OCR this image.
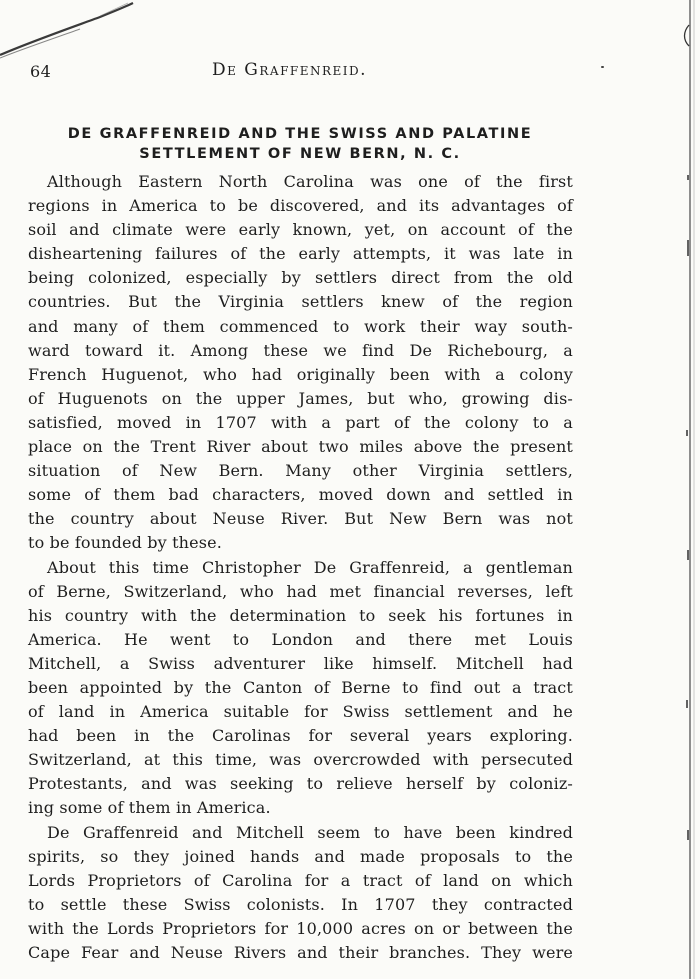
64	De Graffenreid.
DE GRAFFENREID AND THE SWISS AND PALATINE
SETTLEMENT OF NEW BERN, N. C.
Although Eastern North Carolina was one of the first
regions in America to be discovered, and its advantages of
soil and climate were early known, yet, on account of the
disheartening failures of the early attempts, it was late in
being colonized, especially by settlers direct from the old
countries. But the Virginia settlers knew of the region
and many of them commenced to work their way south-
ward toward it. Among these we find De Richebourg, a
French Huguenot, who had originally been with a colony
of Huguenots on the upper James, but who, growing dis-
satisfied, moved in 1707 with a part of the colony to a
place on the Trent River about two miles above the present
situation of New Bern. Many other Virginia settlers,
some of them bad characters, moved down and settled in
the country about Neuse River. But New Bern was not
to be founded by these.
About this time Christopher De Graffenreid, a gentleman
of Berne, Switzerland, who had met financial reverses, left
his country with the determination to seek his fortunes in
America. He went to London and there met Louis
Mitchell, a Swiss adventurer like himself. Mitchell had
been appointed by the Canton of Berne to find out a tract
of land in America suitable for Swiss settlement and he
had been in the Carolinas for several years exploring.
Switzerland, at this time, was overcrowded with persecuted
Protestants, and was seeking to relieve herself by coloniz-
ing some of them in America.
De Graffenreid and Mitchell seem to have been kindred
spirits, so they joined hands and made proposals to the
Lords Proprietors of Carolina for a tract of land on which
to settle these Swiss colonists. In 1707 they contracted
with the Lords Proprietors for 10,000 acres on or between the
Cape Fear and Neuse Rivers and their branches. They were
